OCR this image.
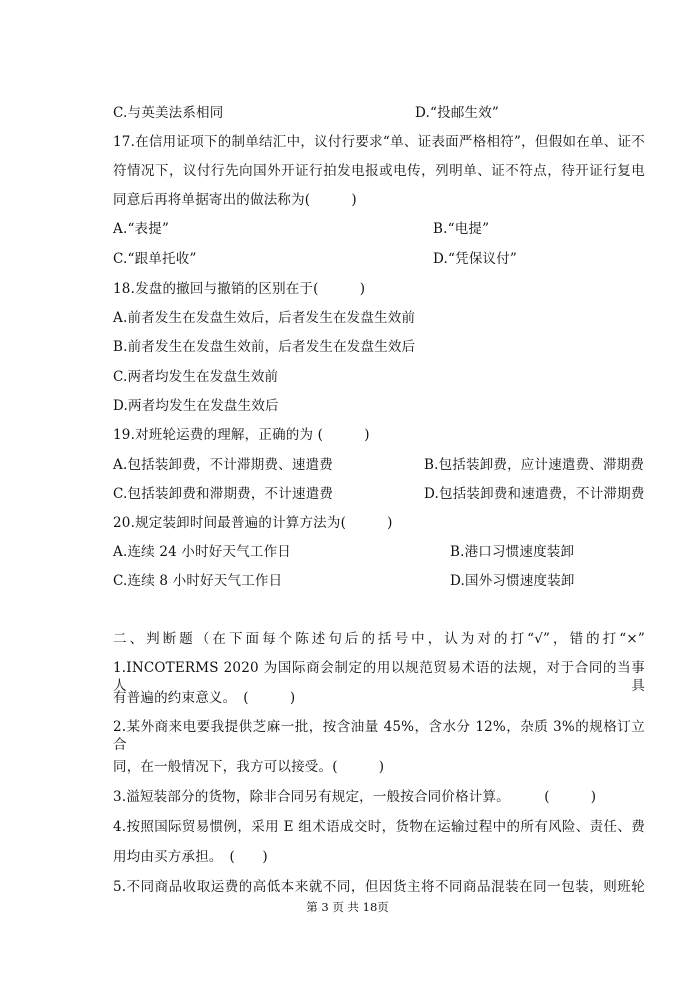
C.与英美法系相同	D.“投邮生效”
17.在信用证项下的制单结汇中，议付行要求“单、证表面严格相符”，但假如在单、证不
符情况下，议付行先向国外开证行拍发电报或电传，列明单、证不符点，待开证行复电
同意后再将单据寄出的做法称为(　　　)
A.“表提”	B.“电提”
C.“跟单托收”	D.“凭保议付”
18.发盘的撤回与撤销的区别在于(　　　)
A.前者发生在发盘生效后，后者发生在发盘生效前
B.前者发生在发盘生效前，后者发生在发盘生效后
C.两者均发生在发盘生效前
D.两者均发生在发盘生效后
19.对班轮运费的理解，正确的为 (　　　)
A.包括装卸费，不计滞期费、速遣费	B.包括装卸费，应计速遣费、滞期费
C.包括装卸费和滞期费，不计速遣费	D.包括装卸费和速遣费，不计滞期费
20.规定装卸时间最普遍的计算方法为(　　　)
A.连续 24 小时好天气工作日	B.港口习惯速度装卸
C.连续 8 小时好天气工作日	D.国外习惯速度装卸
二、判断题（在下面每个陈述句后的括号中，认为对的打“√”，错的打“×”
1.INCOTERMS 2020 为国际商会制定的用以规范贸易术语的法规，对于合同的当事人具
有普遍的约束意义。　(　　　)
2.某外商来电要我提供芝麻一批，按含油量 45%，含水分 12%，杂质 3%的规格订立合
同，在一般情况下，我方可以接受。(　　　)
3.溢短装部分的货物，除非合同另有规定，一般按合同价格计算。　　　(　　　)
4.按照国际贸易惯例，采用 E 组术语成交时，货物在运输过程中的所有风险、责任、费
用均由买方承担。　(　　)
5.不同商品收取运费的高低本来就不同，但因货主将不同商品混装在同一包装，则班轮
第 3 页 共 18页
